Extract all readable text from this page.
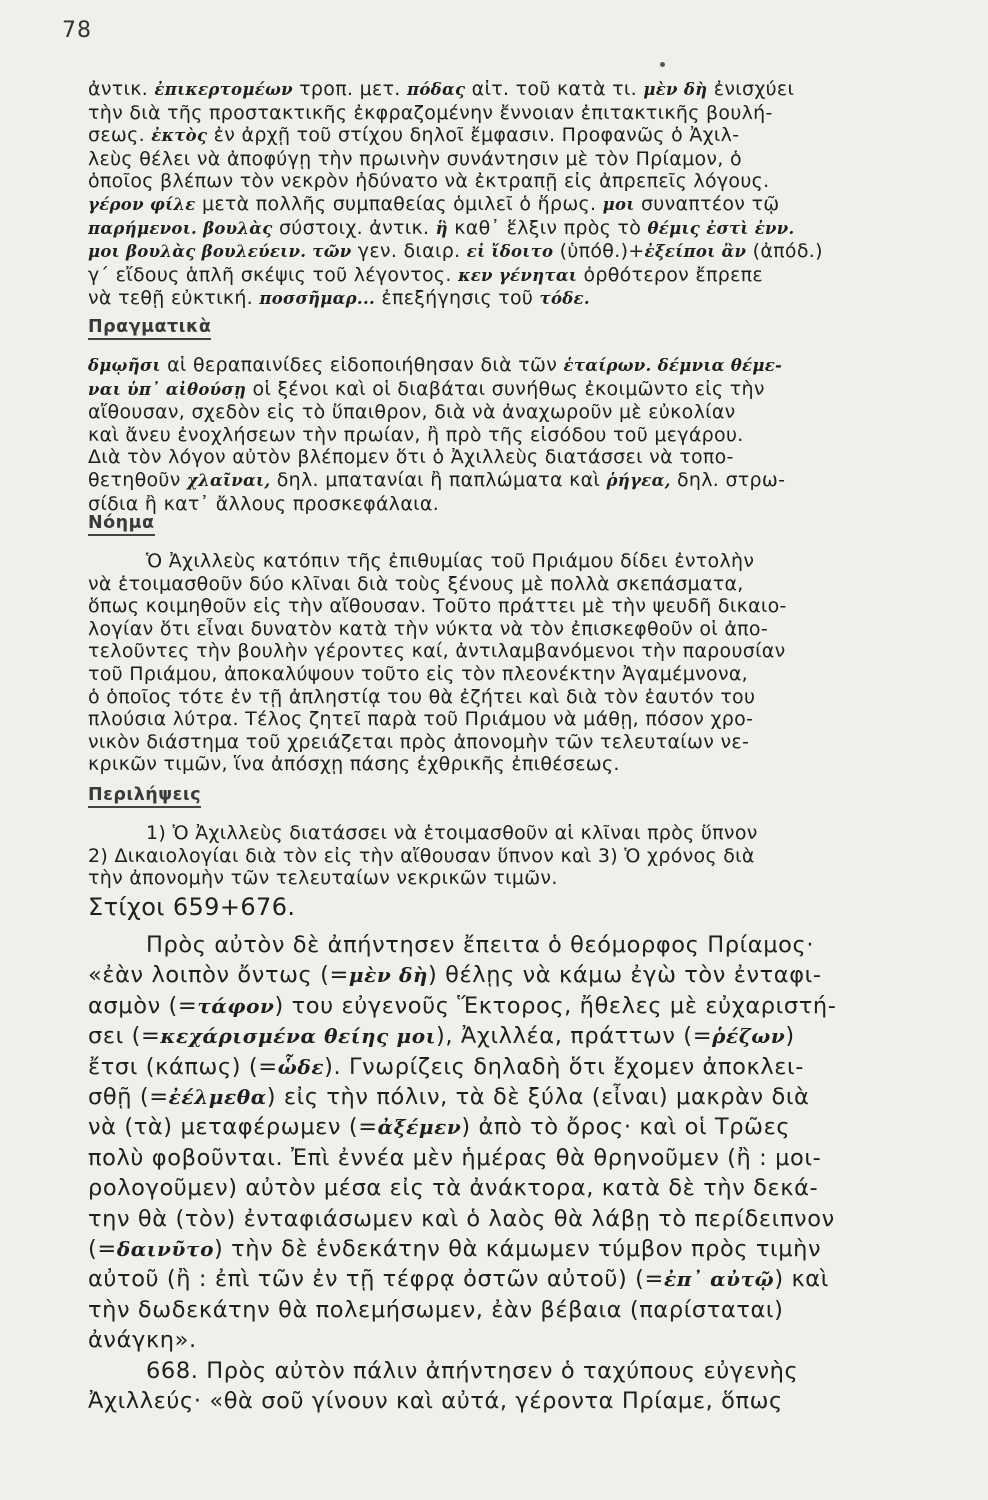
78
ἀντικ. ἐπικερτομέων τροπ. μετ. πόδας αἰτ. τοῦ κατὰ τι. μὲν δὴ ἐνισχύει
τὴν διὰ τῆς προστακτικῆς ἐκφραζομένην ἔννοιαν ἐπιτακτικῆς βουλή-
σεως. ἐκτὸς ἐν ἀρχῇ τοῦ στίχου δηλοῖ ἔμφασιν. Προφανῶς ὁ Ἀχιλ-
λεὺς θέλει νὰ ἀποφύγῃ τὴν πρωινὴν συνάντησιν μὲ τὸν Πρίαμον, ὁ
ὁποῖος βλέπων τὸν νεκρὸν ἠδύνατο νὰ ἐκτραπῇ εἰς ἀπρεπεῖς λόγους.
γέρον φίλε μετὰ πολλῆς συμπαθείας ὁμιλεῖ ὁ ἥρως. μοι συναπτέον τῷ
παρήμενοι. βουλὰς σύστοιχ. ἀντικ. ἣ καθ᾽ ἕλξιν πρὸς τὸ θέμις ἐστὶ ἐνν.
μοι βουλὰς βουλεύειν. τῶν γεν. διαιρ. εἰ ἴδοιτο (ὑπόθ.)+ἐξείποι ἂν (ἀπόδ.)
γ΄ εἴδους ἁπλῆ σκέψις τοῦ λέγοντος. κεν γένηται ὀρθότερον ἔπρεπε
νὰ τεθῇ εὐκτική. ποσσῆμαρ... ἐπεξήγησις τοῦ τόδε.
Πραγματικὰ
δμῳῆσι αἱ θεραπαινίδες εἰδοποιήθησαν διὰ τῶν ἑταίρων. δέμνια θέμε-
ναι ὑπ᾽ αἰθούσῃ οἱ ξένοι καὶ οἱ διαβάται συνήθως ἐκοιμῶντο εἰς τὴν
αἴθουσαν, σχεδὸν εἰς τὸ ὕπαιθρον, διὰ νὰ ἀναχωροῦν μὲ εὐκολίαν
καὶ ἄνευ ἐνοχλήσεων τὴν πρωίαν, ἢ πρὸ τῆς εἰσόδου τοῦ μεγάρου.
Διὰ τὸν λόγον αὐτὸν βλέπομεν ὅτι ὁ Ἀχιλλεὺς διατάσσει νὰ τοπο-
θετηθοῦν χλαῖναι, δηλ. μπατανίαι ἢ παπλώματα καὶ ῥήγεα, δηλ. στρω-
σίδια ἢ κατ᾽ ἄλλους προσκεφάλαια.
Νόημα
Ὁ Ἀχιλλεὺς κατόπιν τῆς ἐπιθυμίας τοῦ Πριάμου δίδει ἐντολὴν
νὰ ἑτοιμασθοῦν δύο κλῖναι διὰ τοὺς ξένους μὲ πολλὰ σκεπάσματα,
ὅπως κοιμηθοῦν εἰς τὴν αἴθουσαν. Τοῦτο πράττει μὲ τὴν ψευδῆ δικαιο-
λογίαν ὅτι εἶναι δυνατὸν κατὰ τὴν νύκτα νὰ τὸν ἐπισκεφθοῦν οἱ ἀπο-
τελοῦντες τὴν βουλὴν γέροντες καί, ἀντιλαμβανόμενοι τὴν παρουσίαν
τοῦ Πριάμου, ἀποκαλύψουν τοῦτο εἰς τὸν πλεονέκτην Ἀγαμέμνονα,
ὁ ὁποῖος τότε ἐν τῇ ἀπληστίᾳ του θὰ ἐζήτει καὶ διὰ τὸν ἑαυτόν του
πλούσια λύτρα. Τέλος ζητεῖ παρὰ τοῦ Πριάμου νὰ μάθῃ, πόσον χρο-
νικὸν διάστημα τοῦ χρειάζεται πρὸς ἀπονομὴν τῶν τελευταίων νε-
κρικῶν τιμῶν, ἵνα ἀπόσχῃ πάσης ἐχθρικῆς ἐπιθέσεως.
Περιλήψεις
1) Ὁ Ἀχιλλεὺς διατάσσει νὰ ἑτοιμασθοῦν αἱ κλῖναι πρὸς ὕπνον
2) Δικαιολογίαι διὰ τὸν εἰς τὴν αἴθουσαν ὕπνον καὶ 3) Ὁ χρόνος διὰ
τὴν ἀπονομὴν τῶν τελευταίων νεκρικῶν τιμῶν.
Στίχοι 659+676.
Πρὸς αὐτὸν δὲ ἀπήντησεν ἔπειτα ὁ θεόμορφος Πρίαμος·
«ἐὰν λοιπὸν ὄντως (=μὲν δὴ) θέλῃς νὰ κάμω ἐγὼ τὸν ἐνταφι-
ασμὸν (=τάφον) του εὐγενοῦς Ἕκτορος, ἤθελες μὲ εὐχαριστή-
σει (=κεχάρισμένα θείης μοι), Ἀχιλλέα, πράττων (=ῥέζων)
ἔτσι (κάπως) (=ὧδε). Γνωρίζεις δηλαδὴ ὅτι ἔχομεν ἀποκλει-
σθῇ (=ἐέλμεθα) εἰς τὴν πόλιν, τὰ δὲ ξύλα (εἶναι) μακρὰν διὰ
νὰ (τὰ) μεταφέρωμεν (=ἀξέμεν) ἀπὸ τὸ ὄρος· καὶ οἱ Τρῶες
πολὺ φοβοῦνται. Ἐπὶ ἐννέα μὲν ἡμέρας θὰ θρηνοῦμεν (ἢ : μοι-
ρολογοῦμεν) αὐτὸν μέσα εἰς τὰ ἀνάκτορα, κατὰ δὲ τὴν δεκά-
την θὰ (τὸν) ἐνταφιάσωμεν καὶ ὁ λαὸς θὰ λάβῃ τὸ περίδειπνον
(=δαινῦτο) τὴν δὲ ἑνδεκάτην θὰ κάμωμεν τύμβον πρὸς τιμὴν
αὐτοῦ (ἢ : ἐπὶ τῶν ἐν τῇ τέφρᾳ ὀστῶν αὐτοῦ) (=ἐπ᾽ αὐτῷ) καὶ
τὴν δωδεκάτην θὰ πολεμήσωμεν, ἐὰν βέβαια (παρίσταται)
ἀνάγκη».
668. Πρὸς αὐτὸν πάλιν ἀπήντησεν ὁ ταχύπους εὐγενὴς
Ἀχιλλεύς· «θὰ σοῦ γίνουν καὶ αὐτά, γέροντα Πρίαμε, ὅπως
